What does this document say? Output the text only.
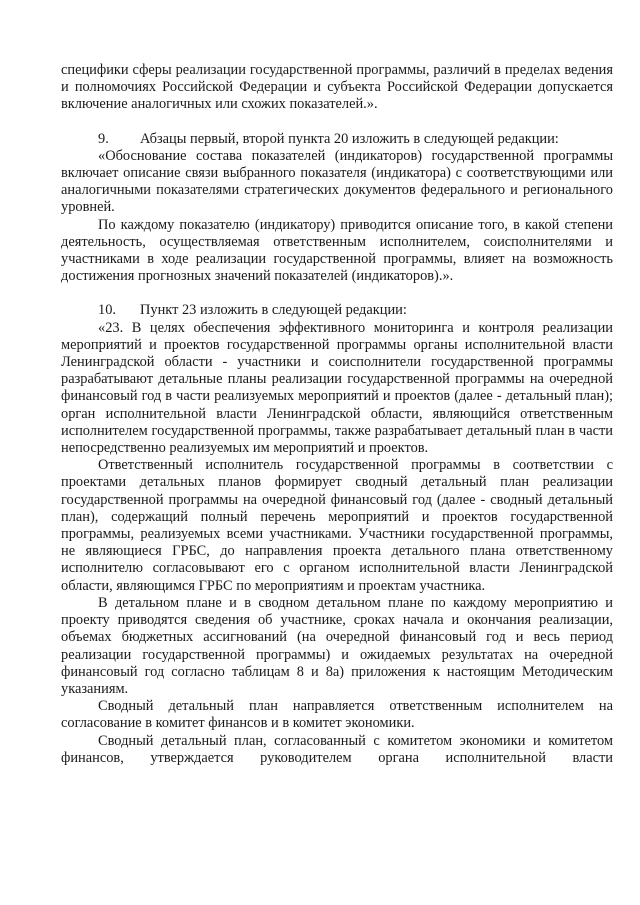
специфики сферы реализации государственной программы, различий в пределах ведения и полномочиях Российской Федерации и субъекта Российской Федерации допускается включение аналогичных или схожих показателей.».

9. Абзацы первый, второй пункта 20 изложить в следующей редакции:

«Обоснование состава показателей (индикаторов) государственной программы включает описание связи выбранного показателя (индикатора) с соответствующими или аналогичными показателями стратегических документов федерального и регионального уровней.

По каждому показателю (индикатору) приводится описание того, в какой степени деятельность, осуществляемая ответственным исполнителем, соисполнителями и участниками в ходе реализации государственной программы, влияет на возможность достижения прогнозных значений показателей (индикаторов).».

10. Пункт 23 изложить в следующей редакции:

«23. В целях обеспечения эффективного мониторинга и контроля реализации мероприятий и проектов государственной программы органы исполнительной власти Ленинградской области - участники и соисполнители государственной программы разрабатывают детальные планы реализации государственной программы на очередной финансовый год в части реализуемых мероприятий и проектов (далее - детальный план); орган исполнительной власти Ленинградской области, являющийся ответственным исполнителем государственной программы, также разрабатывает детальный план в части непосредственно реализуемых им мероприятий и проектов.

Ответственный исполнитель государственной программы в соответствии с проектами детальных планов формирует сводный детальный план реализации государственной программы на очередной финансовый год (далее - сводный детальный план), содержащий полный перечень мероприятий и проектов государственной программы, реализуемых всеми участниками. Участники государственной программы, не являющиеся ГРБС, до направления проекта детального плана ответственному исполнителю согласовывают его с органом исполнительной власти Ленинградской области, являющимся ГРБС по мероприятиям и проектам участника.

В детальном плане и в сводном детальном плане по каждому мероприятию и проекту приводятся сведения об участнике, сроках начала и окончания реализации, объемах бюджетных ассигнований (на очередной финансовый год и весь период реализации государственной программы) и ожидаемых результатах на очередной финансовый год согласно таблицам 8 и 8а) приложения к настоящим Методическим указаниям.

Сводный детальный план направляется ответственным исполнителем на согласование в комитет финансов и в комитет экономики.

Сводный детальный план, согласованный с комитетом экономики и комитетом финансов, утверждается руководителем органа исполнительной власти
